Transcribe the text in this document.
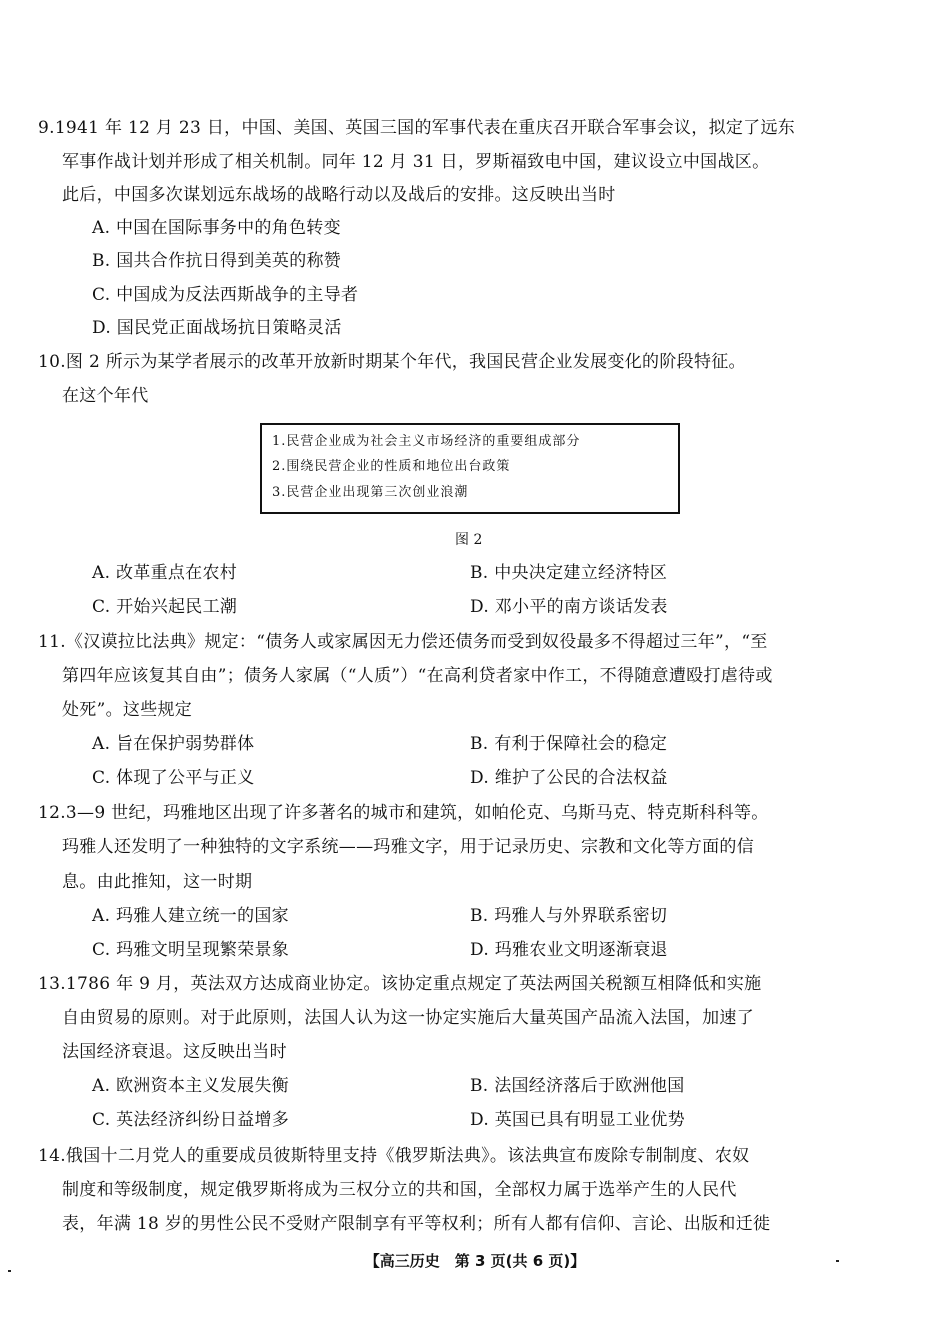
9.1941 年 12 月 23 日，中国、美国、英国三国的军事代表在重庆召开联合军事会议，拟定了远东
军事作战计划并形成了相关机制。同年 12 月 31 日，罗斯福致电中国，建议设立中国战区。
此后，中国多次谋划远东战场的战略行动以及战后的安排。这反映出当时
A. 中国在国际事务中的角色转变
B. 国共合作抗日得到美英的称赞
C. 中国成为反法西斯战争的主导者
D. 国民党正面战场抗日策略灵活
10.图 2 所示为某学者展示的改革开放新时期某个年代，我国民营企业发展变化的阶段特征。
在这个年代
1.民营企业成为社会主义市场经济的重要组成部分
2.围绕民营企业的性质和地位出台政策
3.民营企业出现第三次创业浪潮
图 2
A. 改革重点在农村	B. 中央决定建立经济特区
C. 开始兴起民工潮	D. 邓小平的南方谈话发表
11.《汉谟拉比法典》规定：“债务人或家属因无力偿还债务而受到奴役最多不得超过三年”，“至
第四年应该复其自由”；债务人家属（“人质”）“在高利贷者家中作工，不得随意遭殴打虐待或
处死”。这些规定
A. 旨在保护弱势群体	B. 有利于保障社会的稳定
C. 体现了公平与正义	D. 维护了公民的合法权益
12.3—9 世纪，玛雅地区出现了许多著名的城市和建筑，如帕伦克、乌斯马克、特克斯科科等。
玛雅人还发明了一种独特的文字系统——玛雅文字，用于记录历史、宗教和文化等方面的信
息。由此推知，这一时期
A. 玛雅人建立统一的国家	B. 玛雅人与外界联系密切
C. 玛雅文明呈现繁荣景象	D. 玛雅农业文明逐渐衰退
13.1786 年 9 月，英法双方达成商业协定。该协定重点规定了英法两国关税额互相降低和实施
自由贸易的原则。对于此原则，法国人认为这一协定实施后大量英国产品流入法国，加速了
法国经济衰退。这反映出当时
A. 欧洲资本主义发展失衡	B. 法国经济落后于欧洲他国
C. 英法经济纠纷日益增多	D. 英国已具有明显工业优势
14.俄国十二月党人的重要成员彼斯特里支持《俄罗斯法典》。该法典宣布废除专制制度、农奴
制度和等级制度，规定俄罗斯将成为三权分立的共和国，全部权力属于选举产生的人民代
表，年满 18 岁的男性公民不受财产限制享有平等权利；所有人都有信仰、言论、出版和迁徙
【高三历史　第 3 页(共 6 页)】
